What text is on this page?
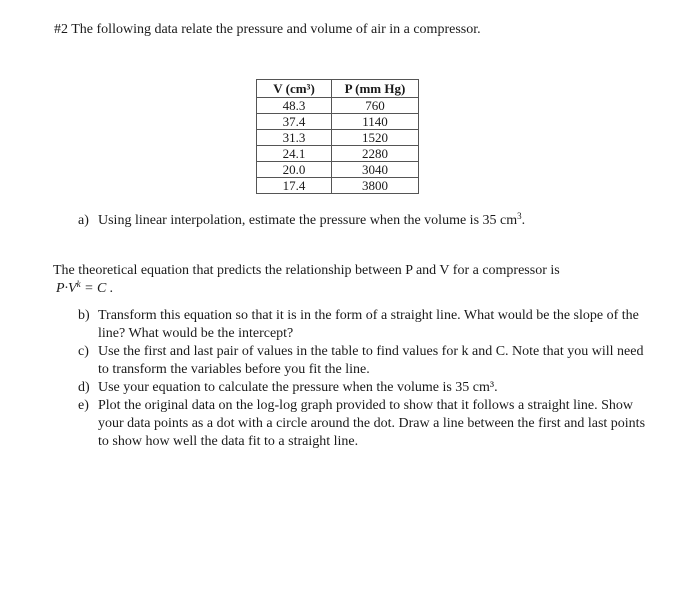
#2 The following data relate the pressure and volume of air in a compressor.
V (cm³)	P (mm Hg)
48.3	760
37.4	1140
31.3	1520
24.1	2280
20.0	3040
17.4	3800
a) Using linear interpolation, estimate the pressure when the volume is 35 $cm^3$.
The theoretical equation that predicts the relationship between P and V for a compressor is
$P\cdot V^k = C$ .
b) Transform this equation so that it is in the form of a straight line. What would be the slope of the line? What would be the intercept?
c) Use the first and last pair of values in the table to find values for k and C. Note that you will need to transform the variables before you fit the line.
d) Use your equation to calculate the pressure when the volume is 35 cm³.
e) Plot the original data on the log-log graph provided to show that it follows a straight line. Show your data points as a dot with a circle around the dot. Draw a line between the first and last points to show how well the data fit to a straight line.
